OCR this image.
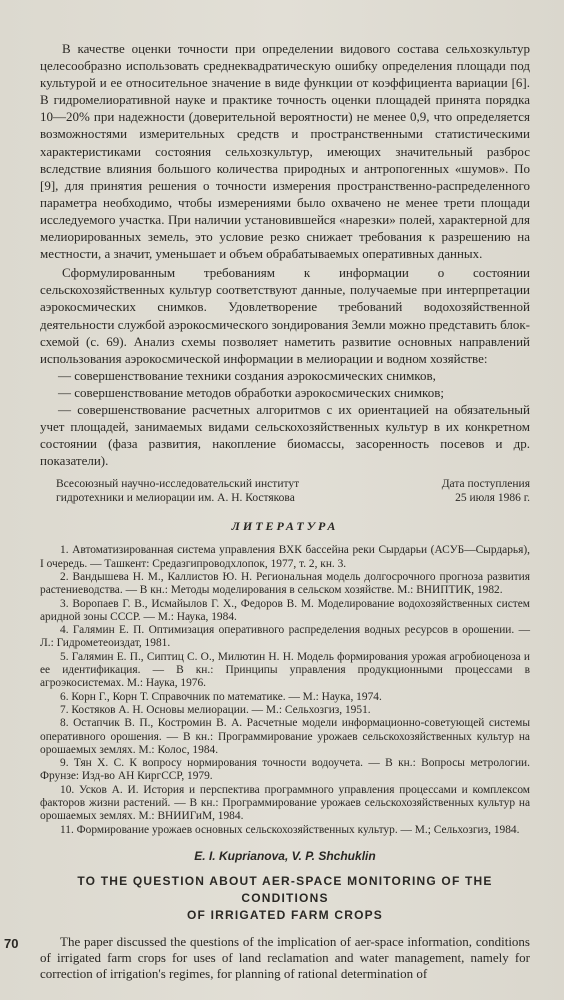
В качестве оценки точности при определении видового состава сельхозкультур целесообразно использовать среднеквадратическую ошибку определения площади под культурой и ее относительное значение в виде функции от коэффициента вариации [6]. В гидромелиоративной науке и практике точность оценки площадей принята порядка 10—20% при надежности (доверительной вероятности) не менее 0,9, что определяется возможностями измерительных средств и пространственными статистическими характеристиками состояния сельхозкультур, имеющих значительный разброс вследствие влияния большого количества природных и антропогенных «шумов». По [9], для принятия решения о точности измерения пространственно-распределенного параметра необходимо, чтобы измерениями было охвачено не менее трети площади исследуемого участка. При наличии установившейся «нарезки» полей, характерной для мелиорированных земель, это условие резко снижает требования к разрешению на местности, а значит, уменьшает и объем обрабатываемых оперативных данных.

Сформулированным требованиям к информации о состоянии сельскохозяйственных культур соответствуют данные, получаемые при интерпретации аэрокосмических снимков. Удовлетворение требований водохозяйственной деятельности службой аэрокосмического зондирования Земли можно представить блок-схемой (с. 69). Анализ схемы позволяет наметить развитие основных направлений использования аэрокосмической информации в мелиорации и водном хозяйстве:

— совершенствование техники создания аэрокосмических снимков,
— совершенствование методов обработки аэрокосмических снимков;
— совершенствование расчетных алгоритмов с их ориентацией на обязательный учет площадей, занимаемых видами сельскохозяйственных культур в их конкретном состоянии (фаза развития, накопление биомассы, засоренность посевов и др. показатели).
Всесоюзный научно-исследовательский институт гидротехники и мелиорации им. А. Н. Костякова
Дата поступления
25 июля 1986 г.
ЛИТЕРАТУРА
1. Автоматизированная система управления ВХК бассейна реки Сырдарьи (АСУБ—Сырдарья), I очередь. — Ташкент: Средазгипроводхлопок, 1977, т. 2, кн. 3.
2. Вандышева Н. М., Каллистов Ю. Н. Региональная модель долгосрочного прогноза развития растениеводства. — В кн.: Методы моделирования в сельском хозяйстве. М.: ВНИПТИК, 1982.
3. Воропаев Г. В., Исмайылов Г. Х., Федоров В. М. Моделирование водохозяйственных систем аридной зоны СССР. — М.: Наука, 1984.
4. Галямин Е. П. Оптимизация оперативного распределения водных ресурсов в орошении. — Л.: Гидрометеоиздат, 1981.
5. Галямин Е. П., Сиптиц С. О., Милютин Н. Н. Модель формирования урожая агробиоценоза и ее идентификация. — В кн.: Принципы управления продукционными процессами в агроэкосистемах. М.: Наука, 1976.
6. Корн Г., Корн Т. Справочник по математике. — М.: Наука, 1974.
7. Костяков А. Н. Основы мелиорации. — М.: Сельхозгиз, 1951.
8. Остапчик В. П., Костромин В. А. Расчетные модели информационно-советующей системы оперативного орошения. — В кн.: Программирование урожаев сельскохозяйственных культур на орошаемых землях. М.: Колос, 1984.
9. Тян Х. С. К вопросу нормирования точности водоучета. — В кн.: Вопросы метрологии. Фрунзе: Изд-во АН КиргССР, 1979.
10. Усков А. И. История и перспектива программного управления процессами и комплексом факторов жизни растений. — В кн.: Программирование урожаев сельскохозяйственных культур на орошаемых землях. М.: ВНИИГиМ, 1984.
11. Формирование урожаев основных сельскохозяйственных культур. — М.; Сельхозгиз, 1984.
E. I. Kuprianova, V. P. Shchuklin
TO THE QUESTION ABOUT AER-SPACE MONITORING OF THE CONDITIONS
OF IRRIGATED FARM CROPS

The paper discussed the questions of the implication of aer-space information, conditions of irrigated farm crops for uses of land reclamation and water management, namely for correction of irrigation's regimes, for planning of rational determination of

70
